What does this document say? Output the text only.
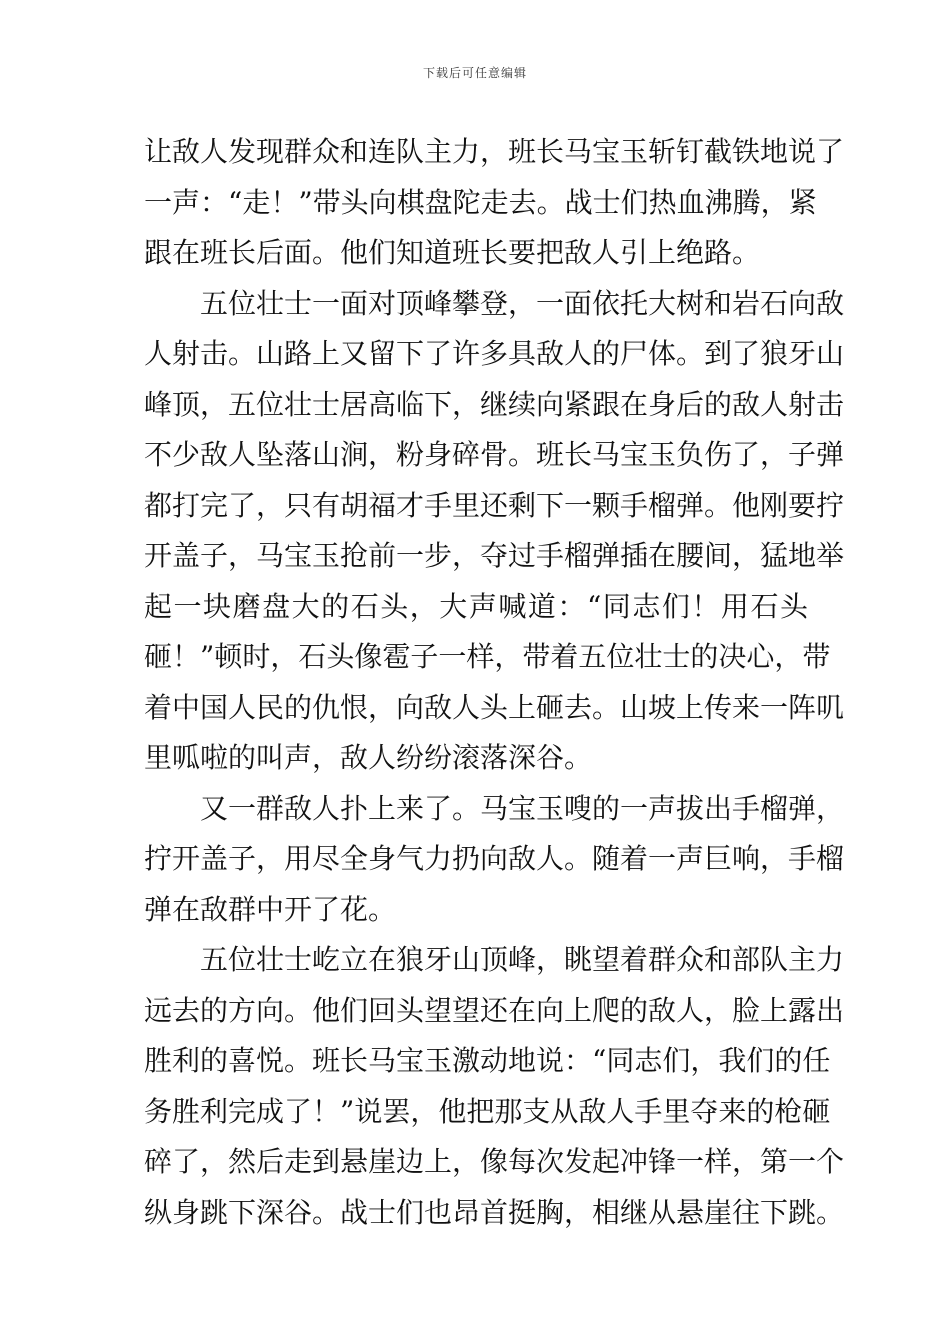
下载后可任意编辑
让敌人发现群众和连队主力，班长马宝玉斩钉截铁地说了
一声：“走！”带头向棋盘陀走去。战士们热血沸腾，紧
跟在班长后面。他们知道班长要把敌人引上绝路。
五位壮士一面对顶峰攀登，一面依托大树和岩石向敌
人射击。山路上又留下了许多具敌人的尸体。到了狼牙山
峰顶，五位壮士居高临下，继续向紧跟在身后的敌人射击
不少敌人坠落山涧，粉身碎骨。班长马宝玉负伤了，子弹
都打完了，只有胡福才手里还剩下一颗手榴弹。他刚要拧
开盖子，马宝玉抢前一步，夺过手榴弹插在腰间，猛地举
起一块磨盘大的石头，大声喊道：“同志们！用石头
砸！”顿时，石头像雹子一样，带着五位壮士的决心，带
着中国人民的仇恨，向敌人头上砸去。山坡上传来一阵叽
里呱啦的叫声，敌人纷纷滚落深谷。
又一群敌人扑上来了。马宝玉嗖的一声拔出手榴弹，
拧开盖子，用尽全身气力扔向敌人。随着一声巨响，手榴
弹在敌群中开了花。
五位壮士屹立在狼牙山顶峰，眺望着群众和部队主力
远去的方向。他们回头望望还在向上爬的敌人，脸上露出
胜利的喜悦。班长马宝玉激动地说：“同志们，我们的任
务胜利完成了！”说罢，他把那支从敌人手里夺来的枪砸
碎了，然后走到悬崖边上，像每次发起冲锋一样，第一个
纵身跳下深谷。战士们也昂首挺胸，相继从悬崖往下跳。
